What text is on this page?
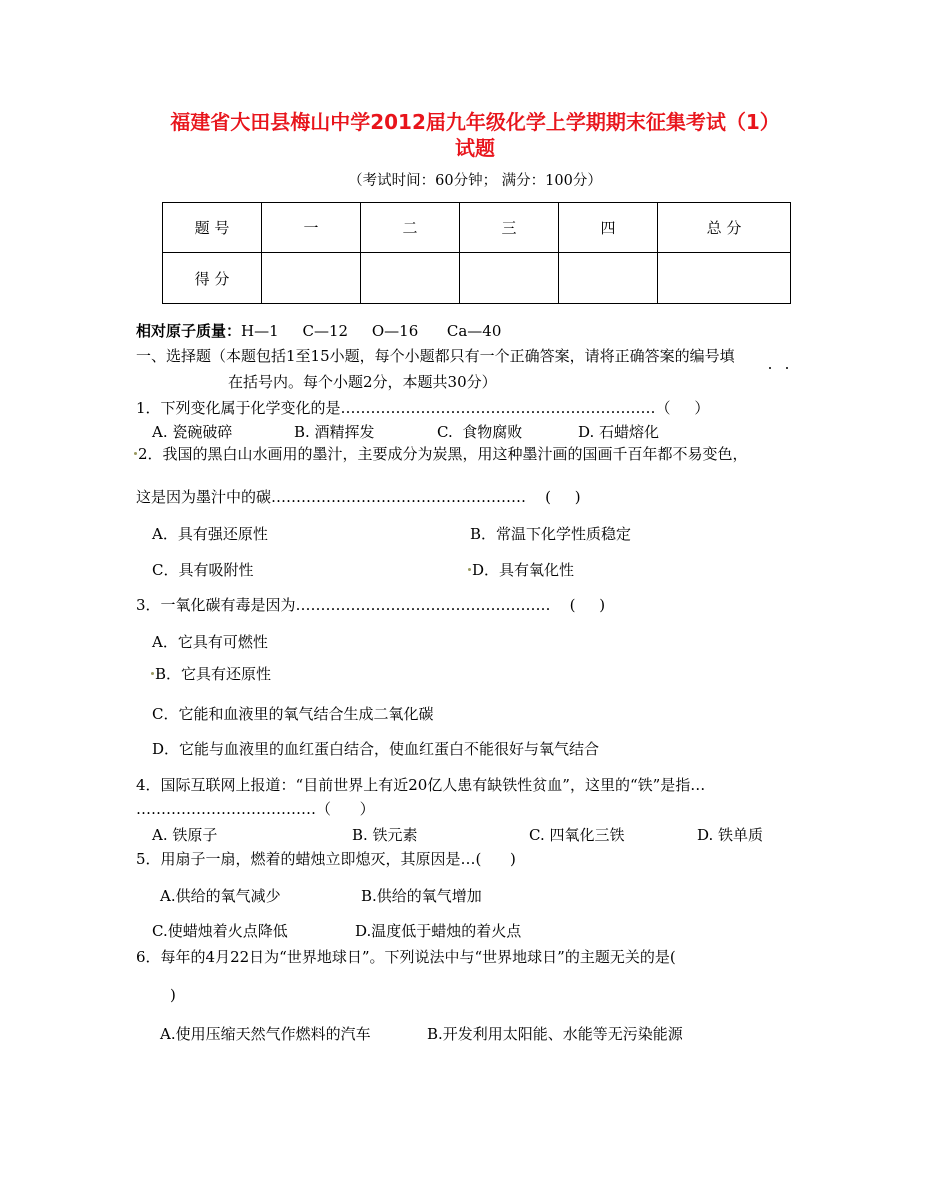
福建省大田县梅山中学2012届九年级化学上学期期末征集考试（1）
试题
（考试时间：60分钟； 满分：100分）
题 号	一	二	三	四	总 分
得 分					
相对原子质量：H—1     C—12     O—16      Ca—40
一、选择题（本题包括1至15小题，每个小题都只有一个正确答案，请将正确答案的编号填
在括号内。每个小题2分，本题共30分）
1．下列变化属于化学变化的是………………………………………………………（     ）
A. 瓷碗破碎	B. 酒精挥发	C.  食物腐败	D. 石蜡熔化
2．我国的黑白山水画用的墨汁，主要成分为炭黑，用这种墨汁画的国画千百年都不易变色，
这是因为墨汁中的碳……………………………………………    (     )
A．具有强还原性	B．常温下化学性质稳定
C．具有吸附性	D．具有氧化性
3．一氧化碳有毒是因为……………………………………………    (     )
A．它具有可燃性
B．它具有还原性
C．它能和血液里的氧气结合生成二氧化碳
D．它能与血液里的血红蛋白结合，使血红蛋白不能很好与氧气结合
4．国际互联网上报道：“目前世界上有近20亿人患有缺铁性贫血”，这里的“铁”是指…
………………………………（      ）
A. 铁原子	B. 铁元素	C. 四氧化三铁	D. 铁单质
5．用扇子一扇，燃着的蜡烛立即熄灭，其原因是…(      )
A.供给的氧气减少	B.供给的氧气增加
C.使蜡烛着火点降低	D.温度低于蜡烛的着火点
6．每年的4月22日为“世界地球日”。下列说法中与“世界地球日”的主题无关的是(
)
A.使用压缩天然气作燃料的汽车	B.开发利用太阳能、水能等无污染能源
